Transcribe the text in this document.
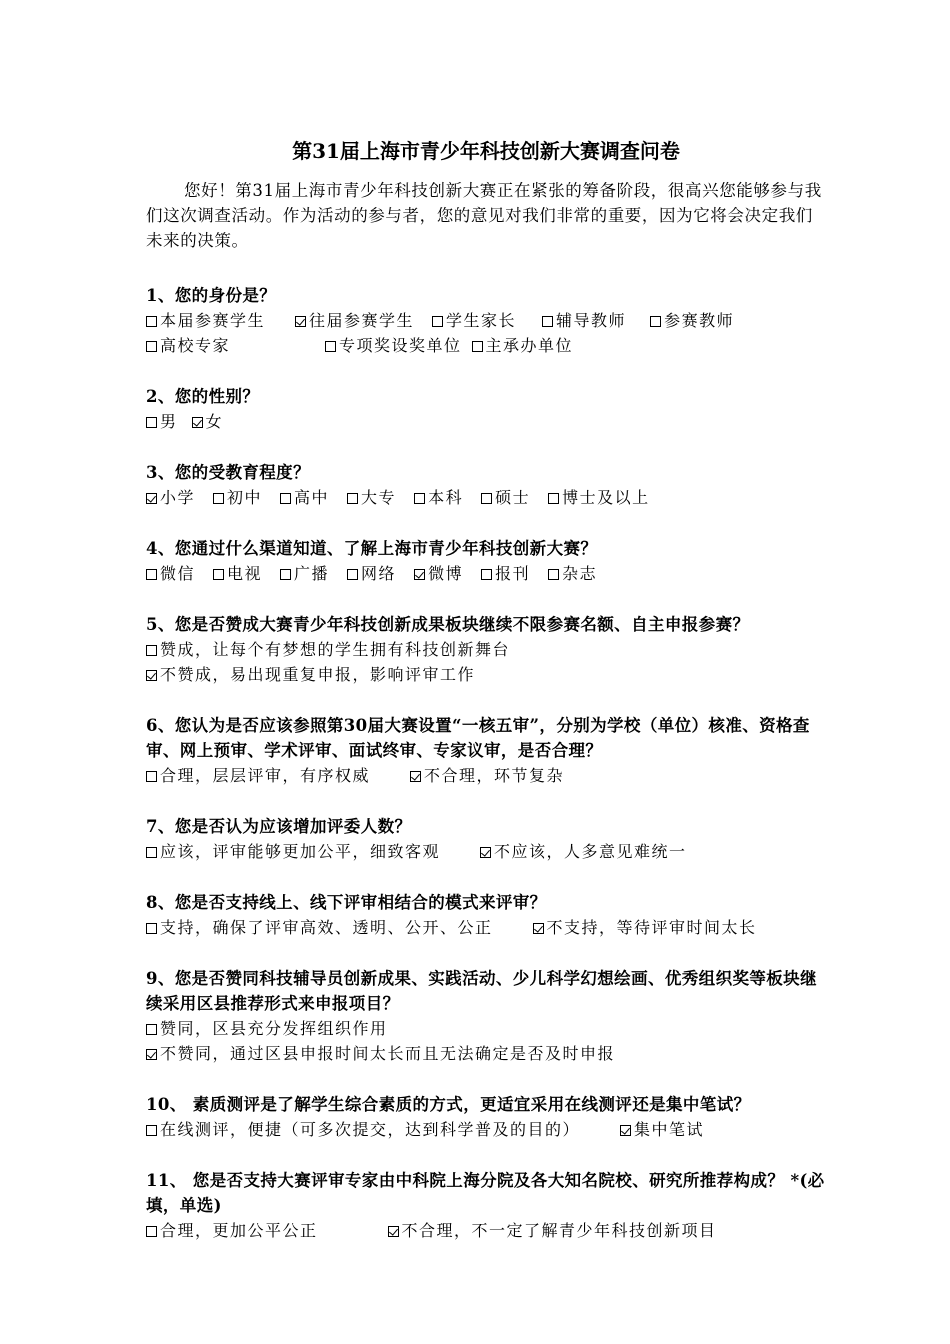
第31届上海市青少年科技创新大赛调查问卷

您好！第31届上海市青少年科技创新大赛正在紧张的筹备阶段，很高兴您能够参与我们这次调查活动。作为活动的参与者，您的意见对我们非常的重要，因为它将会决定我们未来的决策。

1、您的身份是？

本届参赛学生	往届参赛学生 学生家长	辅导教师 参赛教师
高校专家	专项奖设奖单位 主承办单位

2、您的性别？

男 女

3、您的受教育程度？

小学 初中 高中 大专 本科 硕士 博士及以上

4、您通过什么渠道知道、了解上海市青少年科技创新大赛？

微信 电视 广播 网络 微博 报刊 杂志

5、您是否赞成大赛青少年科技创新成果板块继续不限参赛名额、自主申报参赛？

赞成，让每个有梦想的学生拥有科技创新舞台
不赞成，易出现重复申报，影响评审工作

6、您认为是否应该参照第30届大赛设置“一核五审”，分别为学校（单位）核准、资格查审、网上预审、学术评审、面试终审、专家议审，是否合理？

合理，层层评审，有序权威	不合理，环节复杂

7、您是否认为应该增加评委人数？

应该，评审能够更加公平，细致客观	不应该，人多意见难统一

8、您是否支持线上、线下评审相结合的模式来评审？

支持，确保了评审高效、透明、公开、公正	不支持，等待评审时间太长

9、您是否赞同科技辅导员创新成果、实践活动、少儿科学幻想绘画、优秀组织奖等板块继续采用区县推荐形式来申报项目？

赞同，区县充分发挥组织作用
不赞同，通过区县申报时间太长而且无法确定是否及时申报

10、 素质测评是了解学生综合素质的方式，更适宜采用在线测评还是集中笔试？

在线测评，便捷（可多次提交，达到科学普及的目的）	集中笔试

11、 您是否支持大赛评审专家由中科院上海分院及各大知名院校、研究所推荐构成？ *(必填，单选)

合理，更加公平公正	不合理，不一定了解青少年科技创新项目
